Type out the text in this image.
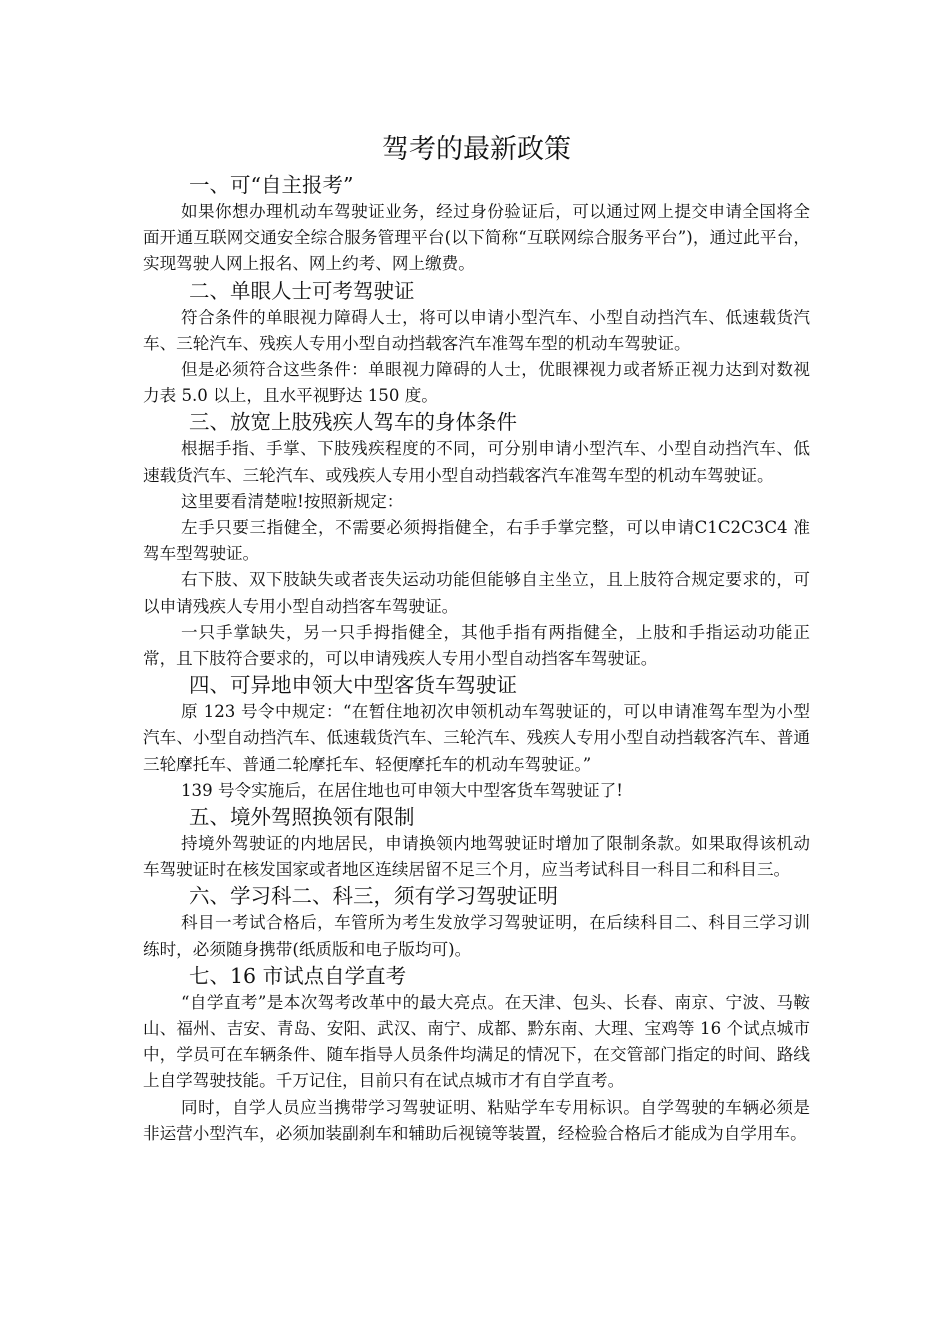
驾考的最新政策
一、可“自主报考”

如果你想办理机动车驾驶证业务，经过身份验证后，可以通过网上提交申请全国将全面开通互联网交通安全综合服务管理平台(以下简称“互联网综合服务平台”)，通过此平台，实现驾驶人网上报名、网上约考、网上缴费。

二、单眼人士可考驾驶证

符合条件的单眼视力障碍人士，将可以申请小型汽车、小型自动挡汽车、低速载货汽车、三轮汽车、残疾人专用小型自动挡载客汽车准驾车型的机动车驾驶证。

但是必须符合这些条件：单眼视力障碍的人士，优眼裸视力或者矫正视力达到对数视力表 5.0 以上，且水平视野达 150 度。

三、放宽上肢残疾人驾车的身体条件

根据手指、手掌、下肢残疾程度的不同，可分别申请小型汽车、小型自动挡汽车、低速载货汽车、三轮汽车、或残疾人专用小型自动挡载客汽车准驾车型的机动车驾驶证。

这里要看清楚啦!按照新规定：

左手只要三指健全，不需要必须拇指健全，右手手掌完整，可以申请C1C2C3C4 准驾车型驾驶证。

右下肢、双下肢缺失或者丧失运动功能但能够自主坐立，且上肢符合规定要求的，可以申请残疾人专用小型自动挡客车驾驶证。

一只手掌缺失，另一只手拇指健全，其他手指有两指健全，上肢和手指运动功能正常，且下肢符合要求的，可以申请残疾人专用小型自动挡客车驾驶证。

四、可异地申领大中型客货车驾驶证

原 123 号令中规定：“在暂住地初次申领机动车驾驶证的，可以申请准驾车型为小型汽车、小型自动挡汽车、低速载货汽车、三轮汽车、残疾人专用小型自动挡载客汽车、普通三轮摩托车、普通二轮摩托车、轻便摩托车的机动车驾驶证。”

139 号令实施后，在居住地也可申领大中型客货车驾驶证了!

五、境外驾照换领有限制

持境外驾驶证的内地居民，申请换领内地驾驶证时增加了限制条款。如果取得该机动车驾驶证时在核发国家或者地区连续居留不足三个月，应当考试科目一科目二和科目三。

六、学习科二、科三，须有学习驾驶证明

科目一考试合格后，车管所为考生发放学习驾驶证明，在后续科目二、科目三学习训练时，必须随身携带(纸质版和电子版均可)。

七、16 市试点自学直考

“自学直考”是本次驾考改革中的最大亮点。在天津、包头、长春、南京、宁波、马鞍山、福州、吉安、青岛、安阳、武汉、南宁、成都、黔东南、大理、宝鸡等 16 个试点城市中，学员可在车辆条件、随车指导人员条件均满足的情况下，在交管部门指定的时间、路线上自学驾驶技能。千万记住，目前只有在试点城市才有自学直考。

同时，自学人员应当携带学习驾驶证明、粘贴学车专用标识。自学驾驶的车辆必须是非运营小型汽车，必须加装副刹车和辅助后视镜等装置，经检验合格后才能成为自学用车。
